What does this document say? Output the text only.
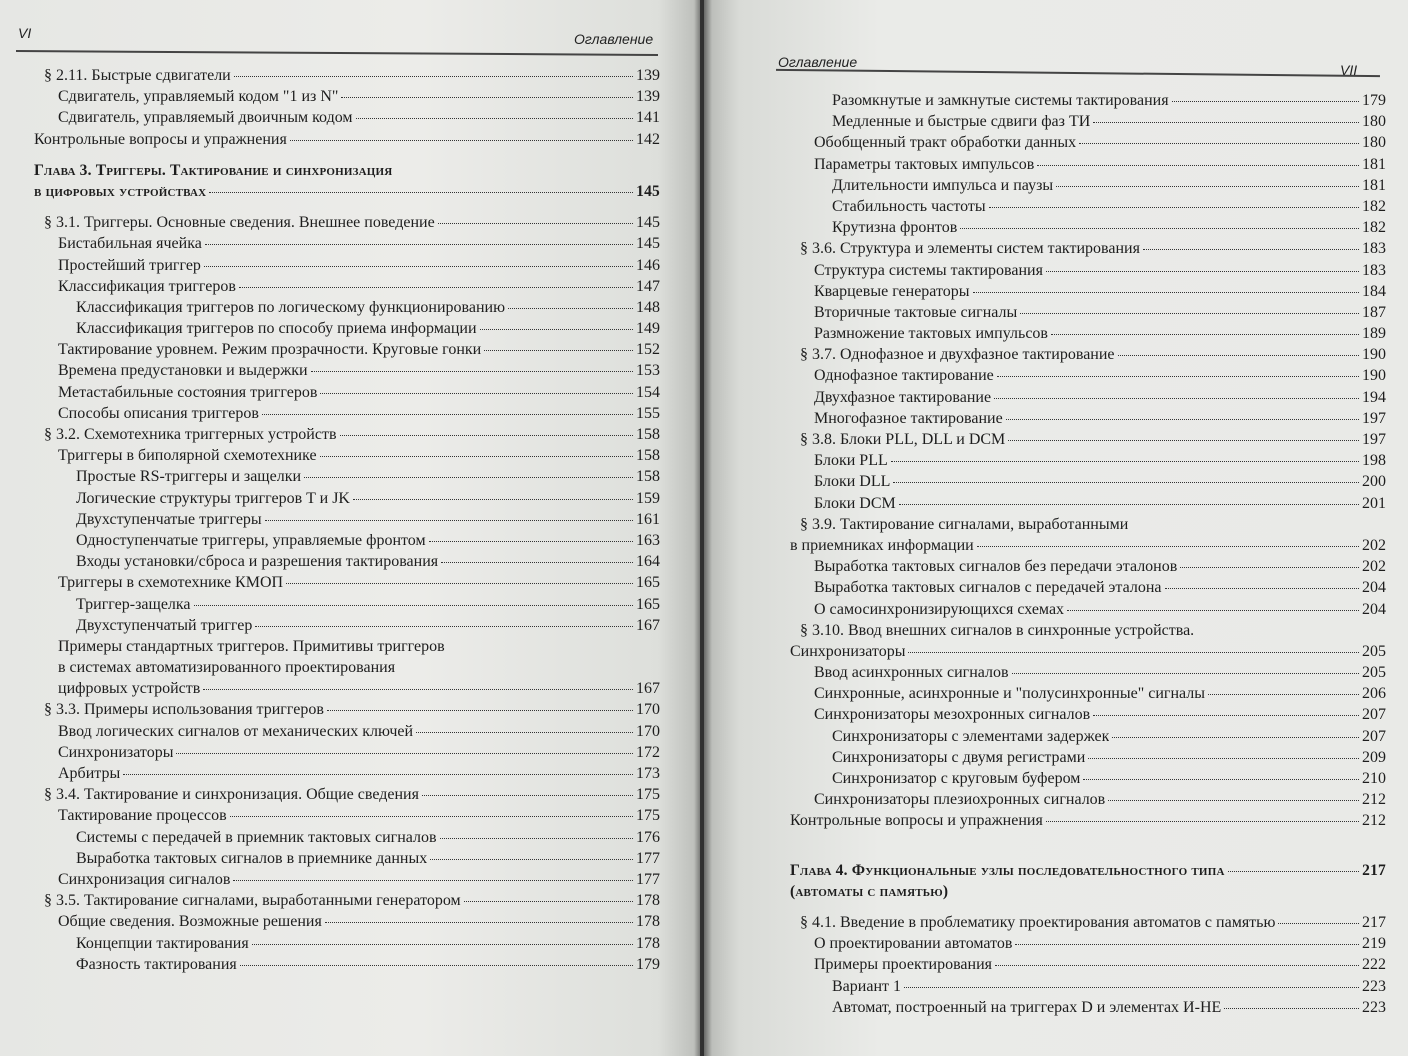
VI	Оглавление
§ 2.11. Быстрые сдвигатели	139
Сдвигатель, управляемый кодом "1 из N"	139
Сдвигатель, управляемый двоичным кодом	141
Контрольные вопросы и упражнения	142
Глава 3. Триггеры. Тактирование и синхронизация
в цифровых устройствах	145
§ 3.1. Триггеры. Основные сведения. Внешнее поведение	145
Бистабильная ячейка	145
Простейший триггер	146
Классификация триггеров	147
Классификация триггеров по логическому функционированию	148
Классификация триггеров по способу приема информации	149
Тактирование уровнем. Режим прозрачности. Круговые гонки	152
Времена предустановки и выдержки	153
Метастабильные состояния триггеров	154
Способы описания триггеров	155
§ 3.2. Схемотехника триггерных устройств	158
Триггеры в биполярной схемотехнике	158
Простые RS-триггеры и защелки	158
Логические структуры триггеров T и JK	159
Двухступенчатые триггеры	161
Одноступенчатые триггеры, управляемые фронтом	163
Входы установки/сброса и разрешения тактирования	164
Триггеры в схемотехнике КМОП	165
Триггер-защелка	165
Двухступенчатый триггер	167
Примеры стандартных триггеров. Примитивы триггеров
в системах автоматизированного проектирования
цифровых устройств	167
§ 3.3. Примеры использования триггеров	170
Ввод логических сигналов от механических ключей	170
Синхронизаторы	172
Арбитры	173
§ 3.4. Тактирование и синхронизация. Общие сведения	175
Тактирование процессов	175
Системы с передачей в приемник тактовых сигналов	176
Выработка тактовых сигналов в приемнике данных	177
Синхронизация сигналов	177
§ 3.5. Тактирование сигналами, выработанными генератором	178
Общие сведения. Возможные решения	178
Концепции тактирования	178
Фазность тактирования	179
Оглавление	VII
Разомкнутые и замкнутые системы тактирования	179
Медленные и быстрые сдвиги фаз ТИ	180
Обобщенный тракт обработки данных	180
Параметры тактовых импульсов	181
Длительности импульса и паузы	181
Стабильность частоты	182
Крутизна фронтов	182
§ 3.6. Структура и элементы систем тактирования	183
Структура системы тактирования	183
Кварцевые генераторы	184
Вторичные тактовые сигналы	187
Размножение тактовых импульсов	189
§ 3.7. Однофазное и двухфазное тактирование	190
Однофазное тактирование	190
Двухфазное тактирование	194
Многофазное тактирование	197
§ 3.8. Блоки PLL, DLL и DCM	197
Блоки PLL	198
Блоки DLL	200
Блоки DCM	201
§ 3.9. Тактирование сигналами, выработанными
в приемниках информации	202
Выработка тактовых сигналов без передачи эталонов	202
Выработка тактовых сигналов с передачей эталона	204
О самосинхронизирующихся схемах	204
§ 3.10. Ввод внешних сигналов в синхронные устройства.
Синхронизаторы	205
Ввод асинхронных сигналов	205
Синхронные, асинхронные и "полусинхронные" сигналы	206
Синхронизаторы мезохронных сигналов	207
Синхронизаторы с элементами задержек	207
Синхронизаторы с двумя регистрами	209
Синхронизатор с круговым буфером	210
Синхронизаторы плезиохронных сигналов	212
Контрольные вопросы и упражнения	212
Глава 4. Функциональные узлы последовательностного типа	217
(автоматы с памятью)
§ 4.1. Введение в проблематику проектирования автоматов с памятью	217
О проектировании автоматов	219
Примеры проектирования	222
Вариант 1	223
Автомат, построенный на триггерах D и элементах И-НЕ	223
